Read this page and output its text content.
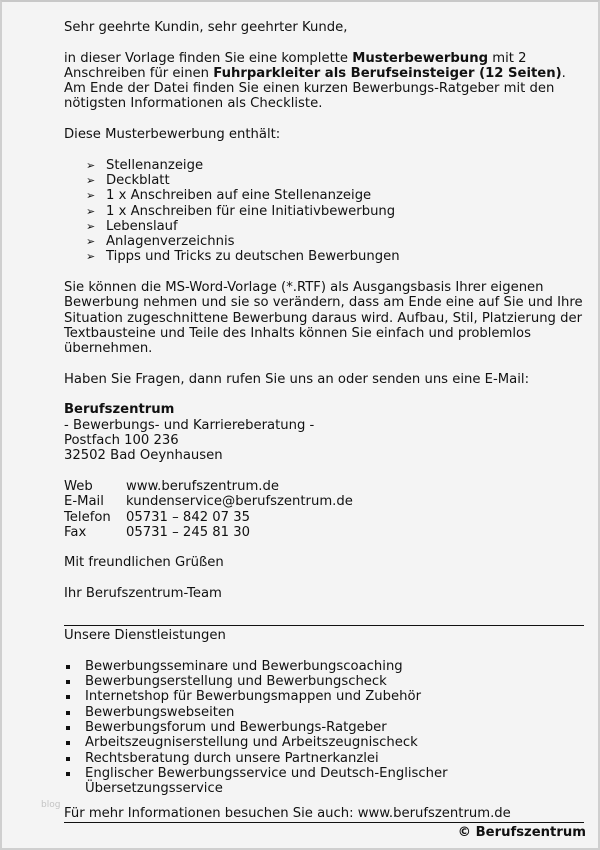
Sehr geehrte Kundin, sehr geehrter Kunde,

in dieser Vorlage finden Sie eine komplette Musterbewerbung mit 2 Anschreiben für einen Fuhrparkleiter als Berufseinsteiger (12 Seiten). Am Ende der Datei finden Sie einen kurzen Bewerbungs-Ratgeber mit den nötigsten Informationen als Checkliste.

Diese Musterbewerbung enthält:

➢ Stellenanzeige
➢ Deckblatt
➢ 1 x Anschreiben auf eine Stellenanzeige
➢ 1 x Anschreiben für eine Initiativbewerbung
➢ Lebenslauf
➢ Anlagenverzeichnis
➢ Tipps und Tricks zu deutschen Bewerbungen

Sie können die MS-Word-Vorlage (*.RTF) als Ausgangsbasis Ihrer eigenen Bewerbung nehmen und sie so verändern, dass am Ende eine auf Sie und Ihre Situation zugeschnittene Bewerbung daraus wird. Aufbau, Stil, Platzierung der Textbausteine und Teile des Inhalts können Sie einfach und problemlos übernehmen.

Haben Sie Fragen, dann rufen Sie uns an oder senden uns eine E-Mail:

Berufszentrum
- Bewerbungs- und Karriereberatung -
Postfach 100 236
32502 Bad Oeynhausen
Web	www.berufszentrum.de
E-Mail	kundenservice@berufszentrum.de
Telefon	05731 – 842 07 35
Fax	05731 – 245 81 30

Mit freundlichen Grüßen

Ihr Berufszentrum-Team

Unsere Dienstleistungen
Bewerbungsseminare und Bewerbungscoaching
Bewerbungserstellung und Bewerbungscheck
Internetshop für Bewerbungsmappen und Zubehör
Bewerbungswebseiten
Bewerbungsforum und Bewerbungs-Ratgeber
Arbeitszeugniserstellung und Arbeitszeugnischeck
Rechtsberatung durch unsere Partnerkanzlei
Englischer Bewerbungsservice und Deutsch-Englischer Übersetzungsservice
blog
Für mehr Informationen besuchen Sie auch: www.berufszentrum.de
© Berufszentrum
